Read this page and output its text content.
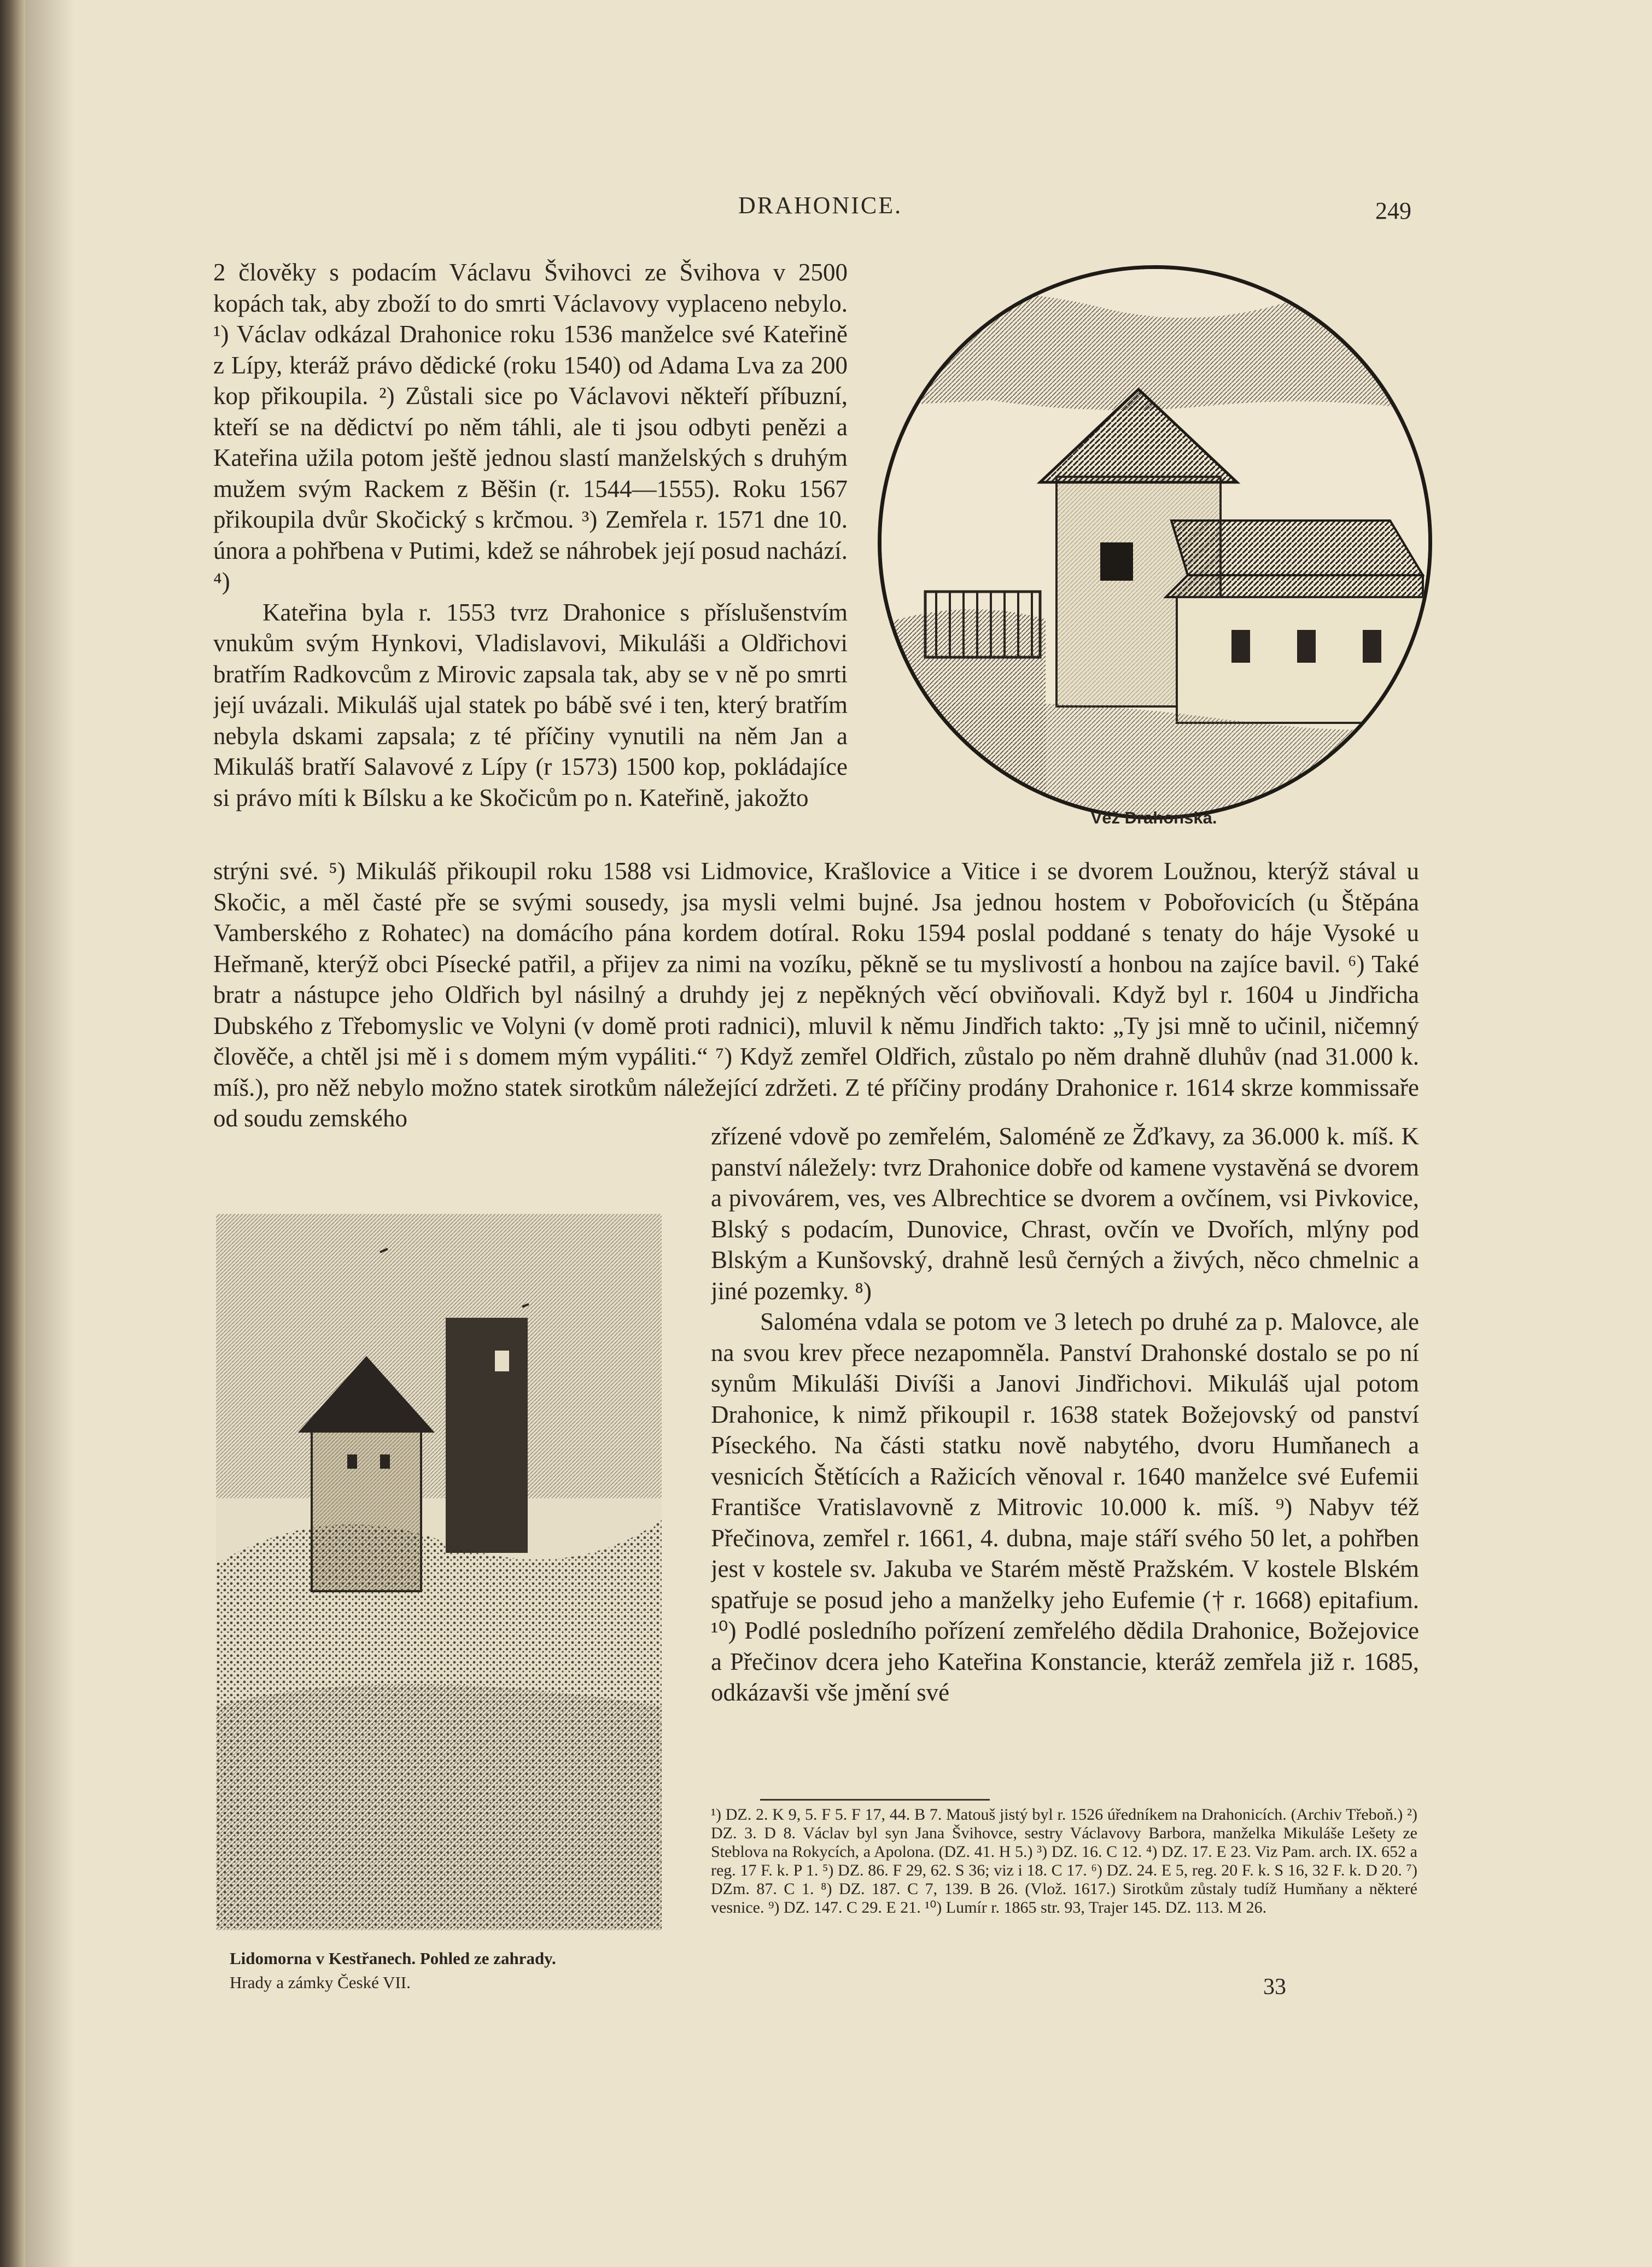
DRAHONICE.	249

2 člověky s podacím Václavu Švihovci ze Švihova v 2500 kopách tak, aby zboží to do smrti Václavovy vyplaceno nebylo. ¹) Václav odkázal Drahonice roku 1536 manželce své Kateřině z Lípy, kteráž právo dědické (roku 1540) od Adama Lva za 200 kop přikoupila. ²) Zůstali sice po Václavovi někteří příbuzní, kteří se na dědictví po něm táhli, ale ti jsou odbyti penězi a Kateřina užila potom ještě jednou slastí manželských s druhým mužem svým Rackem z Běšin (r. 1544—1555). Roku 1567 přikoupila dvůr Skočický s krčmou. ³) Zemřela r. 1571 dne 10. února a pohřbena v Putimi, kdež se náhrobek její posud nachází. ⁴)

Kateřina byla r. 1553 tvrz Drahonice s příslušenstvím vnukům svým Hynkovi, Vladislavovi, Mikuláši a Oldřichovi bratřím Radkovcům z Mirovic zapsala tak, aby se v ně po smrti její uvázali. Mikuláš ujal statek po bábě své i ten, který bratřím nebyla dskami zapsala; z té příčiny vynutili na něm Jan a Mikuláš bratří Salavové z Lípy (r 1573) 1500 kop, pokládajíce si právo míti k Bílsku a ke Skočicům po n. Kateřině, jakožto

Věž Drahonská.

strýni své. ⁵) Mikuláš přikoupil roku 1588 vsi Lidmovice, Krašlovice a Vitice i se dvorem Loužnou, kterýž stával u Skočic, a měl časté pře se svými sousedy, jsa mysli velmi bujné. Jsa jednou hostem v Pobořovicích (u Štěpána Vamberského z Rohatec) na domácího pána kordem dotíral. Roku 1594 poslal poddané s tenaty do háje Vysoké u Heřmaně, kterýž obci Písecké patřil, a přijev za nimi na vozíku, pěkně se tu myslivostí a honbou na zajíce bavil. ⁶) Také bratr a nástupce jeho Oldřich byl násilný a druhdy jej z nepěkných věcí obviňovali. Když byl r. 1604 u Jindřicha Dubského z Třebomyslic ve Volyni (v domě proti radnici), mluvil k němu Jindřich takto: „Ty jsi mně to učinil, ničemný člověče, a chtěl jsi mě i s domem mým vypáliti.“ ⁷) Když zemřel Oldřich, zůstalo po něm drahně dluhův (nad 31.000 k. míš.), pro něž nebylo možno statek sirotkům náležející zdržeti. Z té příčiny prodány Drahonice r. 1614 skrze kommissaře od soudu zemského

Lidomorna v Kestřanech. Pohled ze zahrady.
Hrady a zámky České VII.

zřízené vdově po zemřelém, Saloméně ze Žďkavy, za 36.000 k. míš. K panství náležely: tvrz Drahonice dobře od kamene vystavěná se dvorem a pivovárem, ves, ves Albrechtice se dvorem a ovčínem, vsi Pivkovice, Blský s podacím, Dunovice, Chrast, ovčín ve Dvořích, mlýny pod Blským a Kunšovský, drahně lesů černých a živých, něco chmelnic a jiné pozemky. ⁸)

Saloména vdala se potom ve 3 letech po druhé za p. Malovce, ale na svou krev přece nezapomněla. Panství Drahonské dostalo se po ní synům Mikuláši Divíši a Janovi Jindřichovi. Mikuláš ujal potom Drahonice, k nimž přikoupil r. 1638 statek Božejovský od panství Píseckého. Na části statku nově nabytého, dvoru Humňanech a vesnicích Štětících a Ražicích věnoval r. 1640 manželce své Eufemii Františce Vratislavovně z Mitrovic 10.000 k. míš. ⁹) Nabyv též Přečinova, zemřel r. 1661, 4. dubna, maje stáří svého 50 let, a pohřben jest v kostele sv. Jakuba ve Starém městě Pražském. V kostele Blském spatřuje se posud jeho a manželky jeho Eufemie († r. 1668) epitafium. ¹⁰) Podlé posledního pořízení zemřelého dědila Drahonice, Božejovice a Přečinov dcera jeho Kateřina Konstancie, kteráž zemřela již r. 1685, odkázavši vše jmění své

¹) DZ. 2. K 9, 5. F 5. F 17, 44. B 7. Matouš jistý byl r. 1526 úředníkem na Drahonicích. (Archiv Třeboň.) ²) DZ. 3. D 8. Václav byl syn Jana Švihovce, sestry Václavovy Barbora, manželka Mikuláše Lešety ze Steblova na Rokycích, a Apolona. (DZ. 41. H 5.) ³) DZ. 16. C 12. ⁴) DZ. 17. E 23. Viz Pam. arch. IX. 652 a reg. 17 F. k. P 1. ⁵) DZ. 86. F 29, 62. S 36; viz i 18. C 17. ⁶) DZ. 24. E 5, reg. 20 F. k. S 16, 32 F. k. D 20. ⁷) DZm. 87. C 1. ⁸) DZ. 187. C 7, 139. B 26. (Vlož. 1617.) Sirotkům zůstaly tudíž Humňany a některé vesnice. ⁹) DZ. 147. C 29. E 21. ¹⁰) Lumír r. 1865 str. 93, Trajer 145. DZ. 113. M 26.

33
